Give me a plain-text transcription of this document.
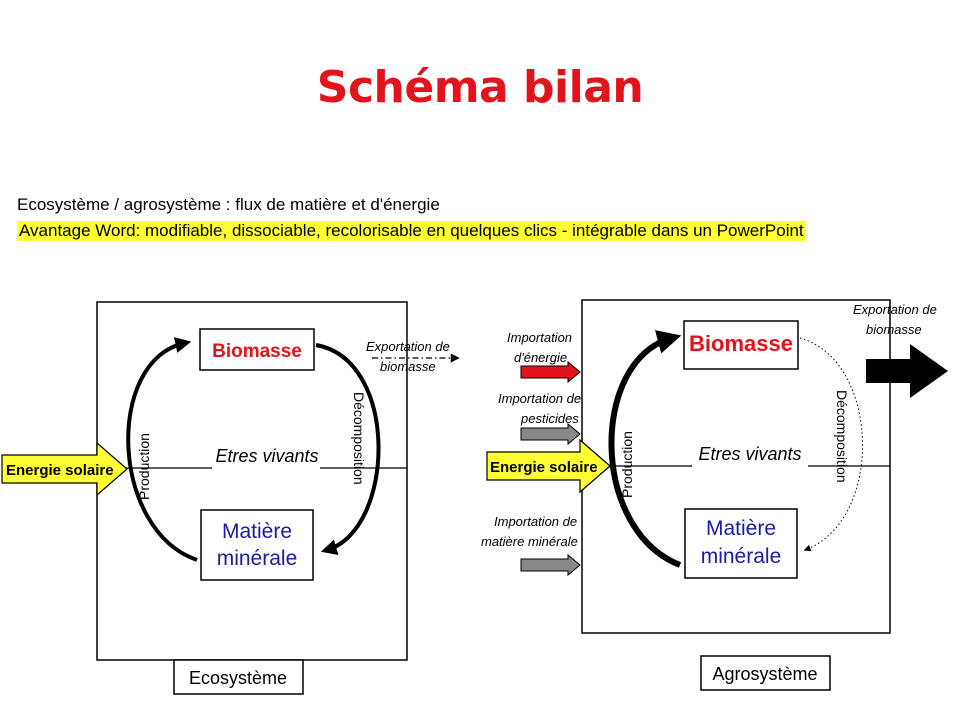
Schéma bilan
Ecosystème / agrosystème : flux de matière et d'énergie
Avantage Word: modifiable, dissociable, recolorisable en quelques clics - intégrable dans un PowerPoint
Biomasse
Matière
minérale
Etres vivants
Production	Décomposition
Energie solaire
Exportation de
biomasse
Ecosystème
Biomasse
Matière
minérale
Etres vivants
Production	Décomposition
Energie solaire
Importation
d'énergie
Importation de
pesticides
Importation de
matière minérale
Exportation de
biomasse
Agrosystème
